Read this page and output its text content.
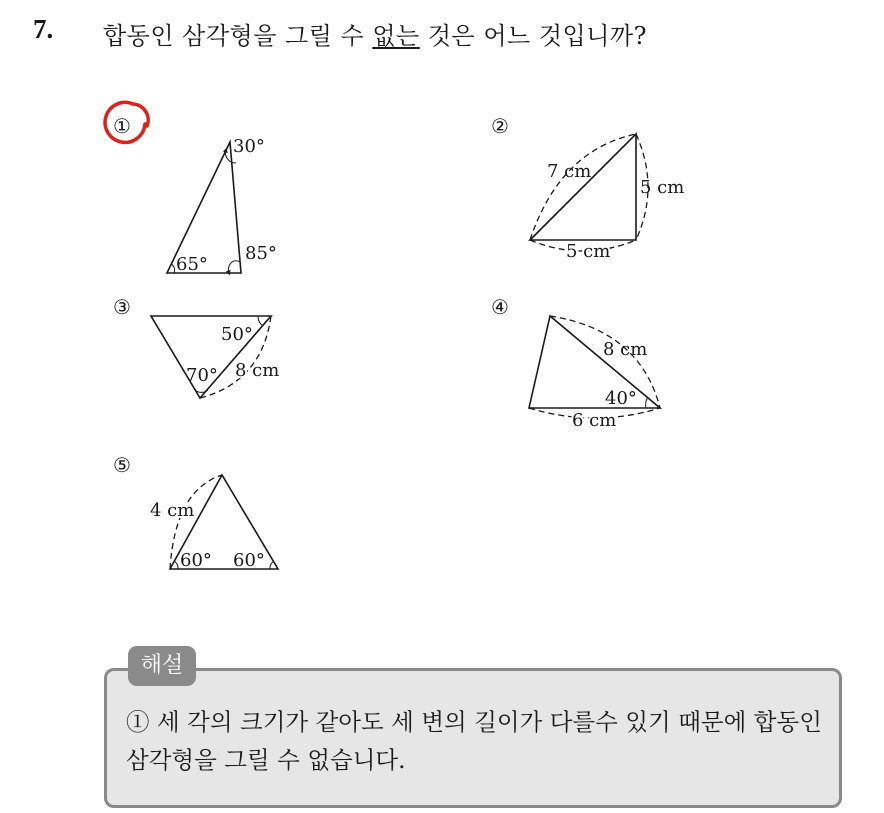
7. 합동인 삼각형을 그릴 수 없는 것은 어느 것입니까?
①
30°
65°
85°
②
7 cm
5 cm
5 cm
③
50°
70° 8 cm
④
8 cm
40°
6 cm
⑤
4 cm
60° 60°
해설
① 세 각의 크기가 같아도 세 변의 길이가 다를수 있기 때문에 합동인 삼각형을 그릴 수 없습니다.
